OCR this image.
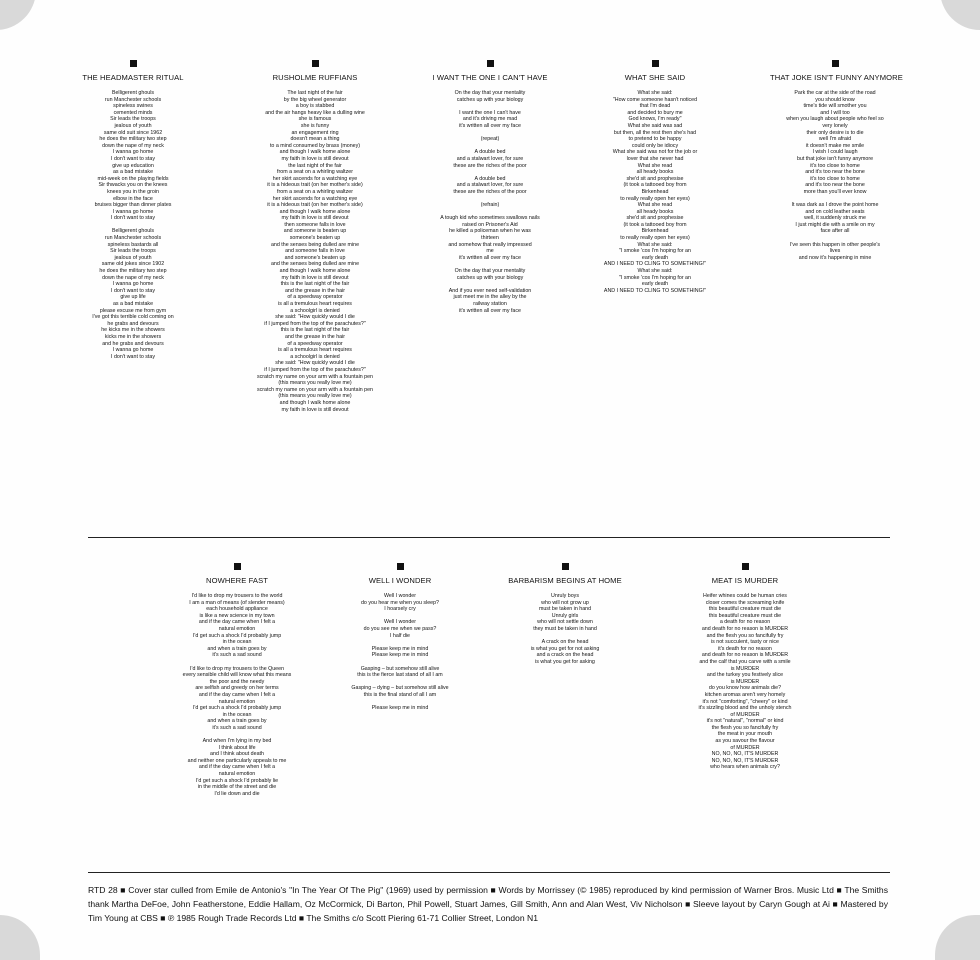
THE HEADMASTER RITUAL
Belligerent ghouls
run Manchester schools
spineless swines
cemented minds
Sir leads the troops
jealous of youth
same old suit since 1962
he does the military two step
down the nape of my neck
I wanna go home
I don't want to stay
give up education
as a bad mistake
mid-week on the playing fields
Sir thwacks you on the knees
knees you in the groin
elbow in the face
bruises bigger than dinner plates
I wanna go home
I don't want to stay
Belligerent ghouls
run Manchester schools
spineless bastards all
Sir leads the troops
jealous of youth
same old jokes since 1902
he does the military two step
down the nape of my neck
I wanna go home
I don't want to stay
give up life
as a bad mistake
please excuse me from gym
I've got this terrible cold coming on
he grabs and devours
he kicks me in the showers
kicks me in the showers
and he grabs and devours
I wanna go home
I don't want to stay
RUSHOLME RUFFIANS
The last night of the fair
by the big wheel generator
a boy is stabbed
and the air hangs heavy like a dulling wine
she is famous
she is funny
an engagement ring
doesn't mean a thing
to a mind consumed by brass (money)
and though I walk home alone
my faith in love is still devout
the last night of the fair
from a seat on a whirling waltzer
her skirt ascends for a watching eye
it is a hideous trait (on her mother's side)
from a seat on a whirling waltzer
her skirt ascends for a watching eye
it is a hideous trait (on her mother's side)
and though I walk home alone
my faith in love is still devout
then someone falls in love
and someone is beaten up
someone's beaten up
and the senses being dulled are mine
and someone falls in love
and someone's beaten up
and the senses being dulled are mine
and though I walk home alone
my faith in love is still devout
this is the last night of the fair
and the grease in the hair
of a speedway operator
is all a tremulous heart requires
a schoolgirl is denied
she said: "How quickly would I die
if I jumped from the top of the parachutes?"
this is the last night of the fair
and the grease in the hair
of a speedway operator
is all a tremulous heart requires
a schoolgirl is denied
she said: "How quickly would I die
if I jumped from the top of the parachutes?"
scratch my name on your arm with a fountain pen
(this means you really love me)
scratch my name on your arm with a fountain pen
(this means you really love me)
and though I walk home alone
my faith in love is still devout
I WANT THE ONE I CAN'T HAVE
On the day that your mentality
catches up with your biology
I want the one I can't have
and it's driving me mad
it's written all over my face
(repeat)
A double bed
and a stalwart lover, for sure
these are the riches of the poor
A double bed
and a stalwart lover, for sure
these are the riches of the poor
(refrain)
A tough kid who sometimes swallows nails
raised on Prisoner's Aid
he killed a policeman when he was
thirteen
and somehow that really impressed
me
it's written all over my face
On the day that your mentality
catches up with your biology
And if you ever need self-validation
just meet me in the alley by the
railway station
it's written all over my face
WHAT SHE SAID
What she said:
"How come someone hasn't noticed
that I'm dead
and decided to bury me
God knows, I'm ready"
What she said was sad
but then, all the rest then she's had
to pretend to be happy
could only be idiocy
What she said was not for the job or
lover that she never had
What she read
all heady books
she'd sit and prophesise
(it took a tattooed boy from
Birkenhead
to really really open her eyes)
What she read
all heady books
she'd sit and prophesise
(it took a tattooed boy from
Birkenhead
to really really open her eyes)
What she said:
"I smoke 'cos I'm hoping for an
early death
AND I NEED TO CLING TO SOMETHING!"
What she said:
"I smoke 'cos I'm hoping for an
early death
AND I NEED TO CLING TO SOMETHING!"
THAT JOKE ISN'T FUNNY ANYMORE
Park the car at the side of the road
you should know
time's tide will smother you
and I will too
when you laugh about people who feel so
very lonely
their only desire is to die
well I'm afraid
it doesn't make me smile
I wish I could laugh
but that joke isn't funny anymore
it's too close to home
and it's too near the bone
it's too close to home
and it's too near the bone
more than you'll ever know
It was dark as I drove the point home
and on cold leather seats
well, it suddenly struck me
I just might die with a smile on my
face after all
I've seen this happen in other people's
lives
and now it's happening in mine
NOWHERE FAST
I'd like to drop my trousers to the world
I am a man of means (of slender means)
each household appliance
is like a new science in my town
and if the day came when I felt a
natural emotion
I'd get such a shock I'd probably jump
in the ocean
and when a train goes by
it's such a sad sound
I'd like to drop my trousers to the Queen
every sensible child will know what this means
the poor and the needy
are selfish and greedy on her terms
and if the day came when I felt a
natural emotion
I'd get such a shock I'd probably jump
in the ocean
and when a train goes by
it's such a sad sound
And when I'm lying in my bed
I think about life
and I think about death
and neither one particularly appeals to me
and if the day came when I felt a
natural emotion
I'd get such a shock I'd probably lie
in the middle of the street and die
I'd lie down and die
WELL I WONDER
Well I wonder
do you hear me when you sleep?
I hoarsely cry
Well I wonder
do you see me when we pass?
I half die
Please keep me in mind
Please keep me in mind
Gasping – but somehow still alive
this is the fierce last stand of all I am
Gasping – dying – but somehow still alive
this is the final stand of all I am
Please keep me in mind
BARBARISM BEGINS AT HOME
Unruly boys
who will not grow up
must be taken in hand
Unruly girls
who will not settle down
they must be taken in hand
A crack on the head
is what you get for not asking
and a crack on the head
is what you get for asking
MEAT IS MURDER
Heifer whines could be human cries
closer comes the screaming knife
this beautiful creature must die
this beautiful creature must die
a death for no reason
and death for no reason is MURDER
and the flesh you so fancifully fry
is not succulent, tasty or nice
it's death for no reason
and death for no reason is MURDER
and the calf that you carve with a smile
is MURDER
and the turkey you festively slice
is MURDER
do you know how animals die?
kitchen aromas aren't very homely
it's not "comforting", "cheery" or kind
it's sizzling blood and the unholy stench
of MURDER
it's not "natural", "normal" or kind
the flesh you so fancifully fry
the meat in your mouth
as you savour the flavour
of MURDER
NO, NO, NO, IT'S MURDER
NO, NO, NO, IT'S MURDER
who hears when animals cry?
RTD 28 ■ Cover star culled from Emile de Antonio's "In The Year Of The Pig" (1969) used by permission ■ Words by Morrissey (© 1985) reproduced by kind permission of Warner Bros. Music Ltd ■ The Smiths thank Martha DeFoe, John Featherstone, Eddie Hallam, Oz McCormick, Di Barton, Phil Powell, Stuart James, Gill Smith, Ann and Alan West, Viv Nicholson ■ Sleeve layout by Caryn Gough at Ai ■ Mastered by Tim Young at CBS ■ ℗ 1985 Rough Trade Records Ltd ■ The Smiths c/o Scott Piering 61-71 Collier Street, London N1
